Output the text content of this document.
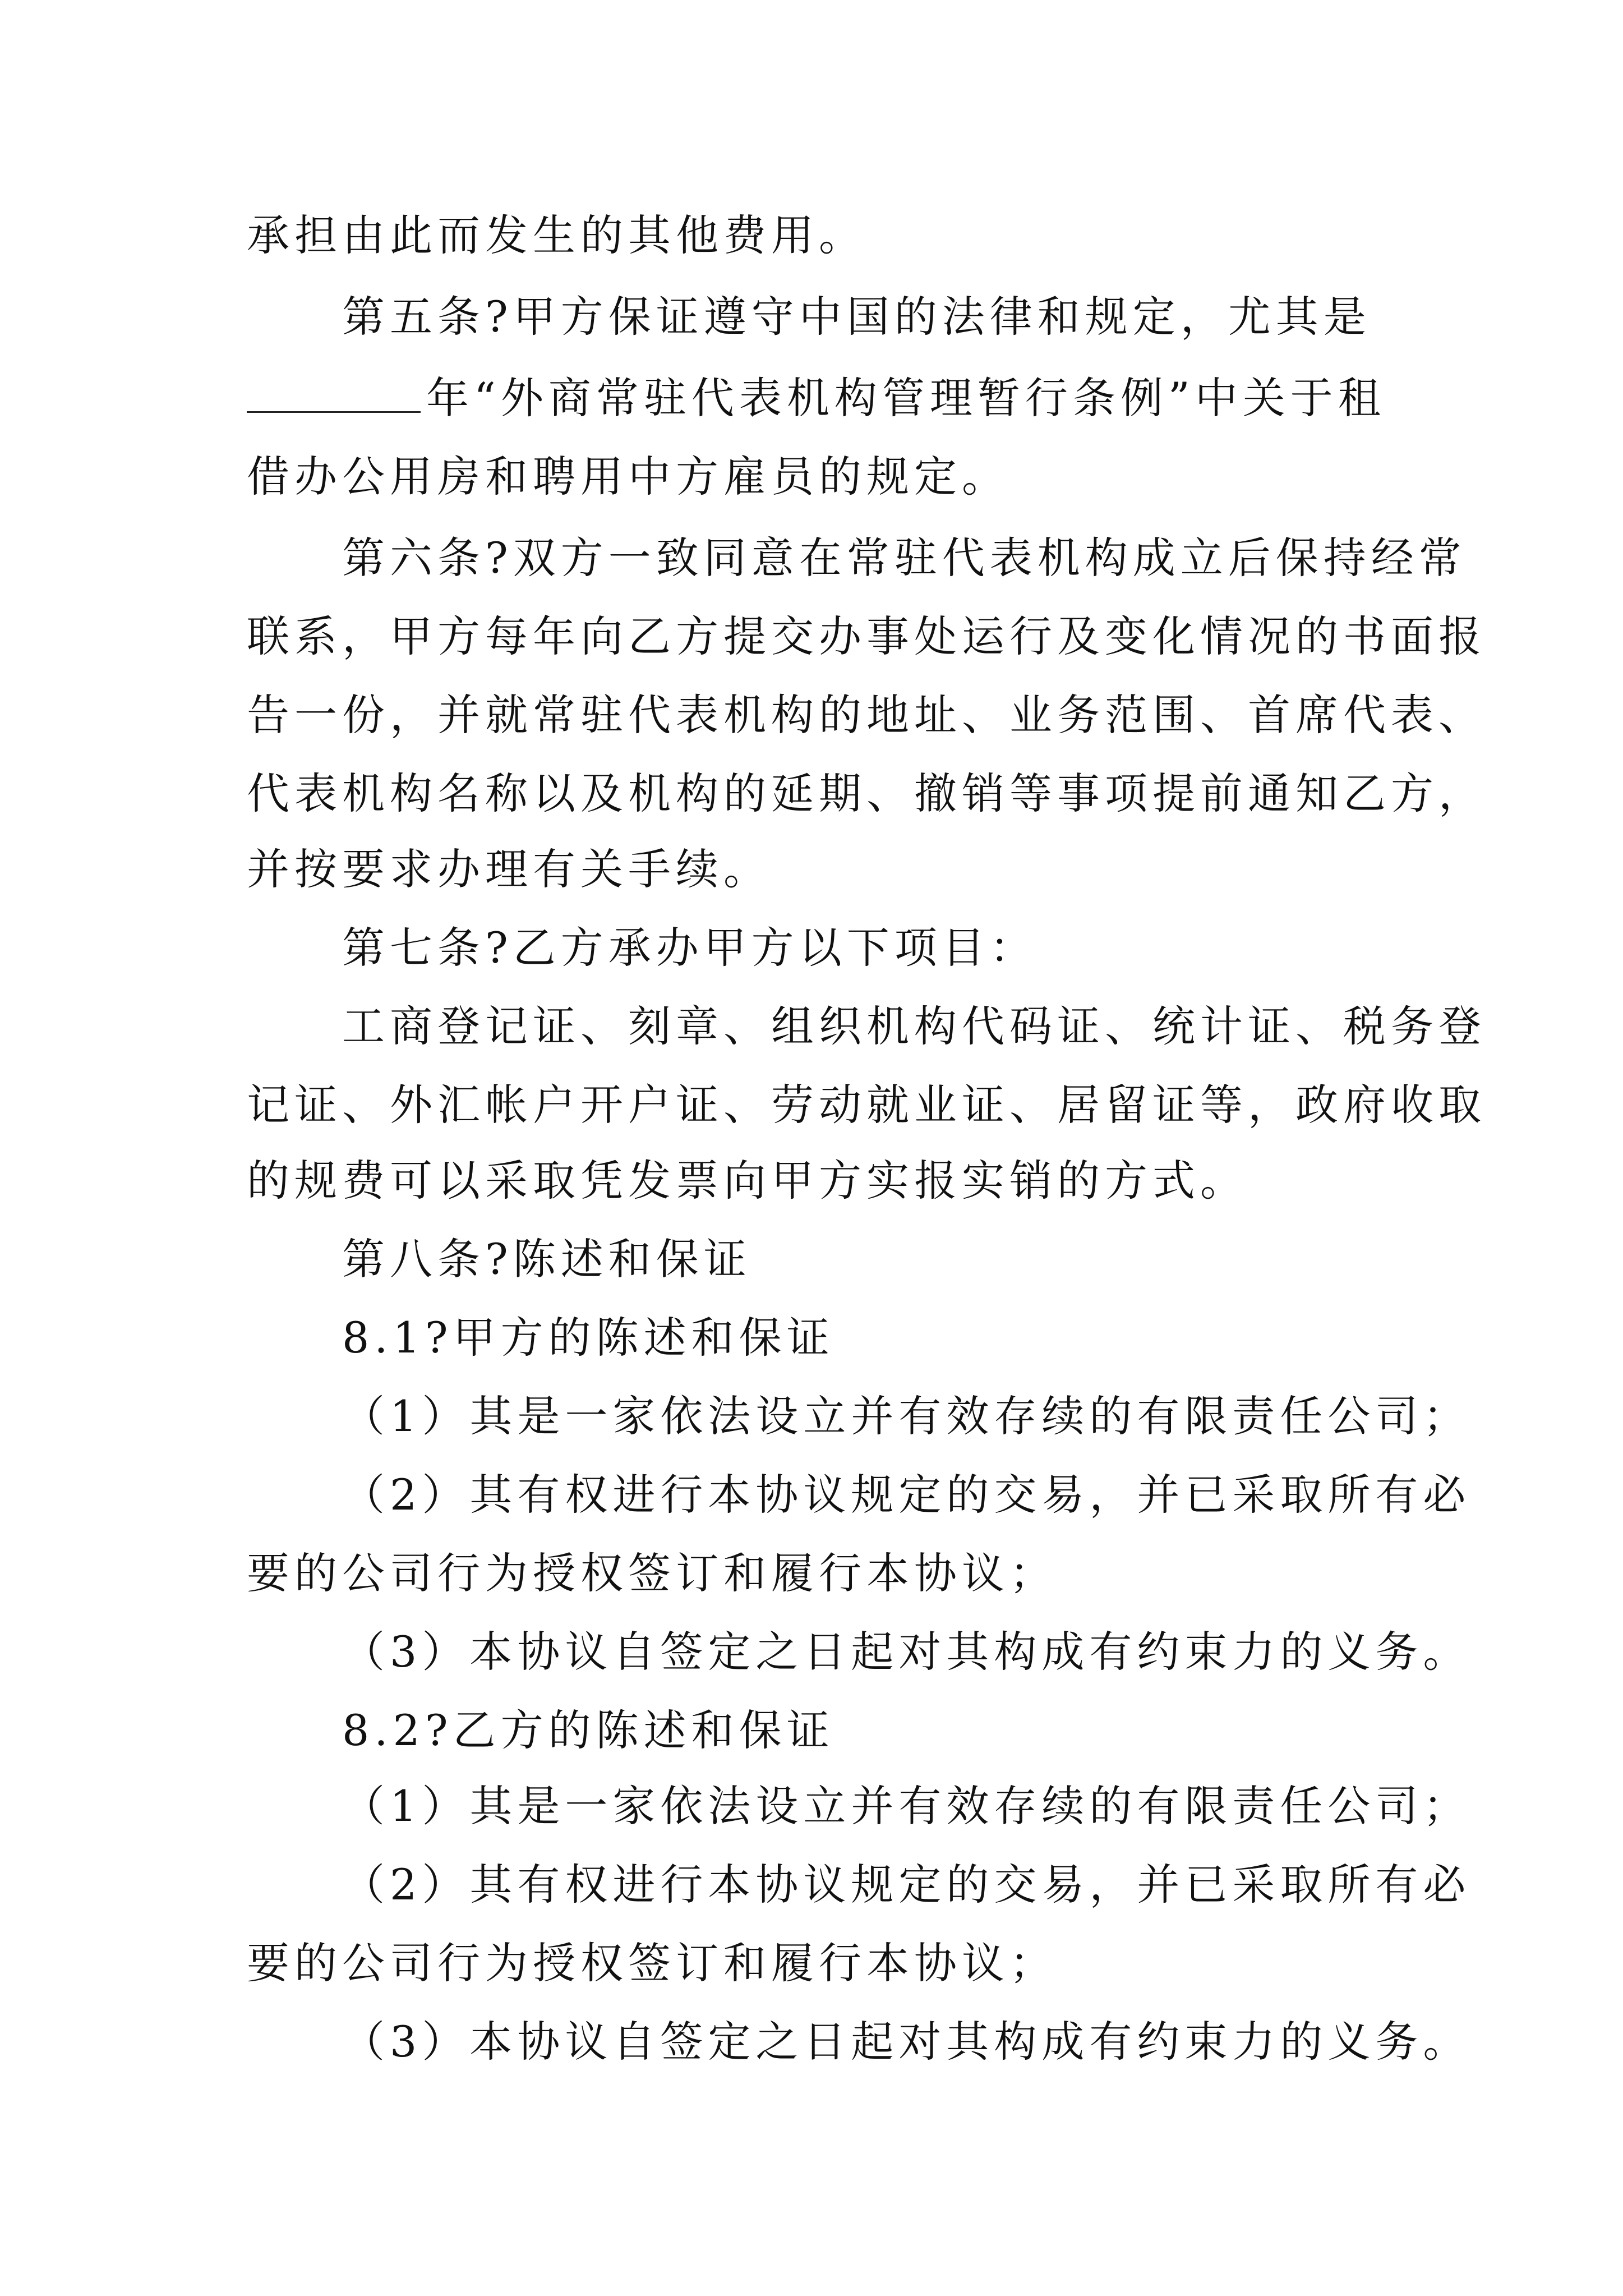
承担由此而发生的其他费用。
第五条?甲方保证遵守中国的法律和规定，尤其是
年“外商常驻代表机构管理暂行条例”中关于租
借办公用房和聘用中方雇员的规定。
第六条?双方一致同意在常驻代表机构成立后保持经常
联系，甲方每年向乙方提交办事处运行及变化情况的书面报
告一份，并就常驻代表机构的地址、业务范围、首席代表、
代表机构名称以及机构的延期、撤销等事项提前通知乙方，
并按要求办理有关手续。
第七条?乙方承办甲方以下项目：
工商登记证、刻章、组织机构代码证、统计证、税务登
记证、外汇帐户开户证、劳动就业证、居留证等，政府收取
的规费可以采取凭发票向甲方实报实销的方式。
第八条?陈述和保证
8.1?甲方的陈述和保证
（1）其是一家依法设立并有效存续的有限责任公司；
（2）其有权进行本协议规定的交易，并已采取所有必
要的公司行为授权签订和履行本协议；
（3）本协议自签定之日起对其构成有约束力的义务。
8.2?乙方的陈述和保证
（1）其是一家依法设立并有效存续的有限责任公司；
（2）其有权进行本协议规定的交易，并已采取所有必
要的公司行为授权签订和履行本协议；
（3）本协议自签定之日起对其构成有约束力的义务。
